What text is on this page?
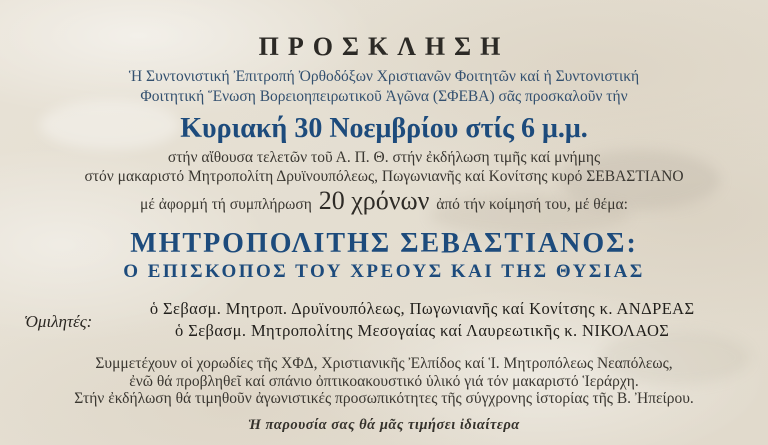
ΠΡΟΣΚΛΗΣΗ
Ἡ Συντονιστική Ἐπιτροπή Ὀρθοδόξων Χριστιανῶν Φοιτητῶν καί ἡ Συντονιστική
Φοιτητική Ἕνωση Βορειοηπειρωτικοῦ Ἀγῶνα (ΣΦΕΒΑ) σᾶς προσκαλοῦν τήν
Κυριακή 30 Νοεμβρίου στίς 6 μ.μ.
στήν αἴθουσα τελετῶν τοῦ Α. Π. Θ. στήν ἐκδήλωση τιμῆς καί μνήμης
στόν μακαριστό Μητροπολίτη Δρυϊνουπόλεως, Πωγωνιανῆς καί Κονίτσης κυρό ΣΕΒΑΣΤΙΑΝΟ
μέ ἀφορμή τή συμπλήρωση 20 χρόνων ἀπό τήν κοίμησή του, μέ θέμα:
ΜΗΤΡΟΠΟΛΙΤΗΣ ΣΕΒΑΣΤΙΑΝΟΣ:
Ο ΕΠΙΣΚΟΠΟΣ ΤΟΥ ΧΡΕΟΥΣ ΚΑΙ ΤΗΣ ΘΥΣΙΑΣ
Ὁμιλητές:
ὁ Σεβασμ. Μητροπ. Δρυϊνουπόλεως, Πωγωνιανῆς καί Κονίτσης κ. ΑΝΔΡΕΑΣ
ὁ Σεβασμ. Μητροπολίτης Μεσογαίας καί Λαυρεωτικῆς κ. ΝΙΚΟΛΑΟΣ
Συμμετέχουν οἱ χορωδίες τῆς ΧΦΔ, Χριστιανικῆς Ἐλπίδος καί Ἱ. Μητροπόλεως Νεαπόλεως,
ἐνῶ θά προβληθεῖ καί σπάνιο ὀπτικοακουστικό ὑλικό γιά τόν μακαριστό Ἱεράρχη.
Στήν ἐκδήλωση θά τιμηθοῦν ἀγωνιστικές προσωπικότητες τῆς σύγχρονης ἱστορίας τῆς Β. Ἠπείρου.
Ἡ παρουσία σας θά μᾶς τιμήσει ἰδιαίτερα
